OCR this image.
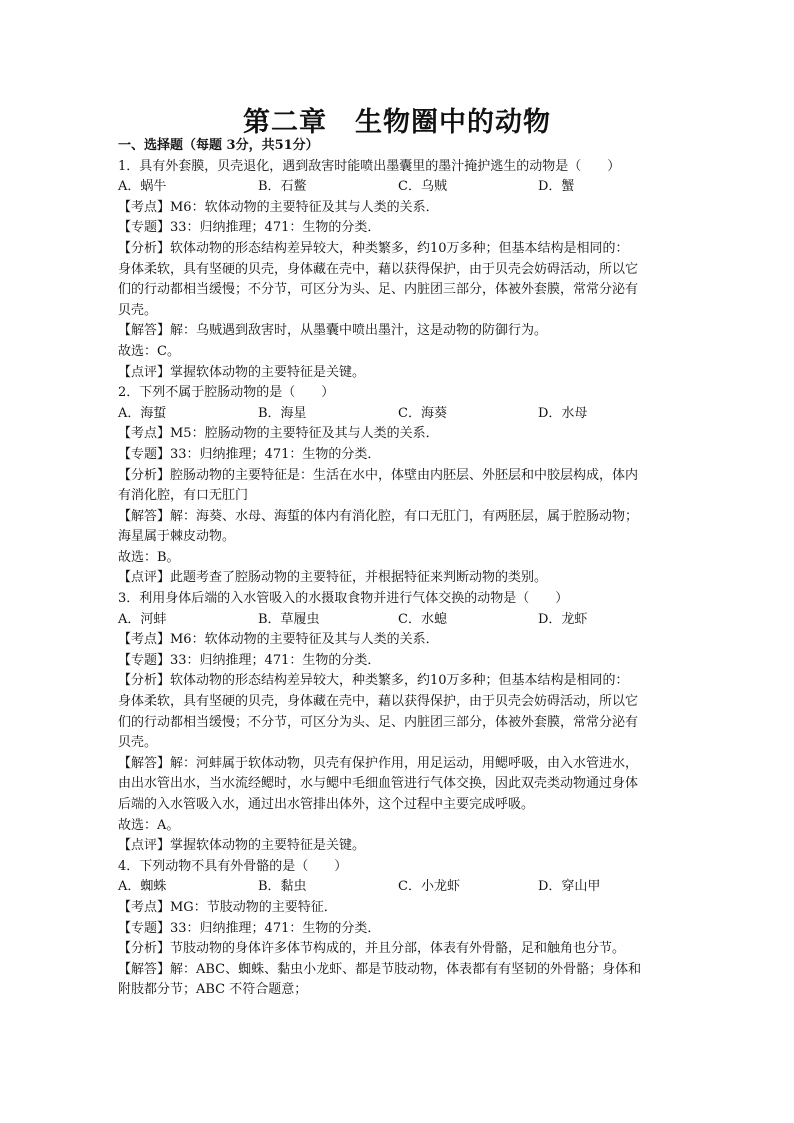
第二章　生物圈中的动物

一、选择题（每题 3分，共51分）

1．具有外套膜，贝壳退化，遇到敌害时能喷出墨囊里的墨汁掩护逃生的动物是（　　）

A．蜗牛	B．石鳖	C．乌贼	D．蟹

【考点】M6：软体动物的主要特征及其与人类的关系．

【专题】33：归纳推理；471：生物的分类．

【分析】软体动物的形态结构差异较大，种类繁多，约10万多种；但基本结构是相同的：

身体柔软，具有坚硬的贝壳，身体藏在壳中，藉以获得保护，由于贝壳会妨碍活动，所以它

们的行动都相当缓慢；不分节，可区分为头、足、内脏团三部分，体被外套膜，常常分泌有

贝壳。

【解答】解：乌贼遇到敌害时，从墨囊中喷出墨汁，这是动物的防御行为。

故选：C。

【点评】掌握软体动物的主要特征是关键。

2．下列不属于腔肠动物的是（　　）

A．海蜇	B．海星	C．海葵	D．水母

【考点】M5：腔肠动物的主要特征及其与人类的关系．

【专题】33：归纳推理；471：生物的分类．

【分析】腔肠动物的主要特征是：生活在水中，体壁由内胚层、外胚层和中胶层构成，体内

有消化腔，有口无肛门

【解答】解：海葵、水母、海蜇的体内有消化腔，有口无肛门，有两胚层，属于腔肠动物；

海星属于棘皮动物。

故选：B。

【点评】此题考查了腔肠动物的主要特征，并根据特征来判断动物的类别。

3．利用身体后端的入水管吸入的水摄取食物并进行气体交换的动物是（　　）

A．河蚌	B．草履虫	C．水螅	D．龙虾

【考点】M6：软体动物的主要特征及其与人类的关系．

【专题】33：归纳推理；471：生物的分类．

【分析】软体动物的形态结构差异较大，种类繁多，约10万多种；但基本结构是相同的：

身体柔软，具有坚硬的贝壳，身体藏在壳中，藉以获得保护，由于贝壳会妨碍活动，所以它

们的行动都相当缓慢；不分节，可区分为头、足、内脏团三部分，体被外套膜，常常分泌有

贝壳。

【解答】解：河蚌属于软体动物，贝壳有保护作用，用足运动，用鳃呼吸，由入水管进水，

由出水管出水，当水流经鳃时，水与鳃中毛细血管进行气体交换，因此双壳类动物通过身体

后端的入水管吸入水，通过出水管排出体外，这个过程中主要完成呼吸。

故选：A。

【点评】掌握软体动物的主要特征是关键。

4．下列动物不具有外骨骼的是（　　）

A．蜘蛛	B．黏虫	C．小龙虾	D．穿山甲

【考点】MG：节肢动物的主要特征．

【专题】33：归纳推理；471：生物的分类．

【分析】节肢动物的身体许多体节构成的，并且分部，体表有外骨骼，足和触角也分节。

【解答】解：ABC、蜘蛛、黏虫小龙虾、都是节肢动物，体表都有有坚韧的外骨骼；身体和

附肢都分节；ABC 不符合题意；
